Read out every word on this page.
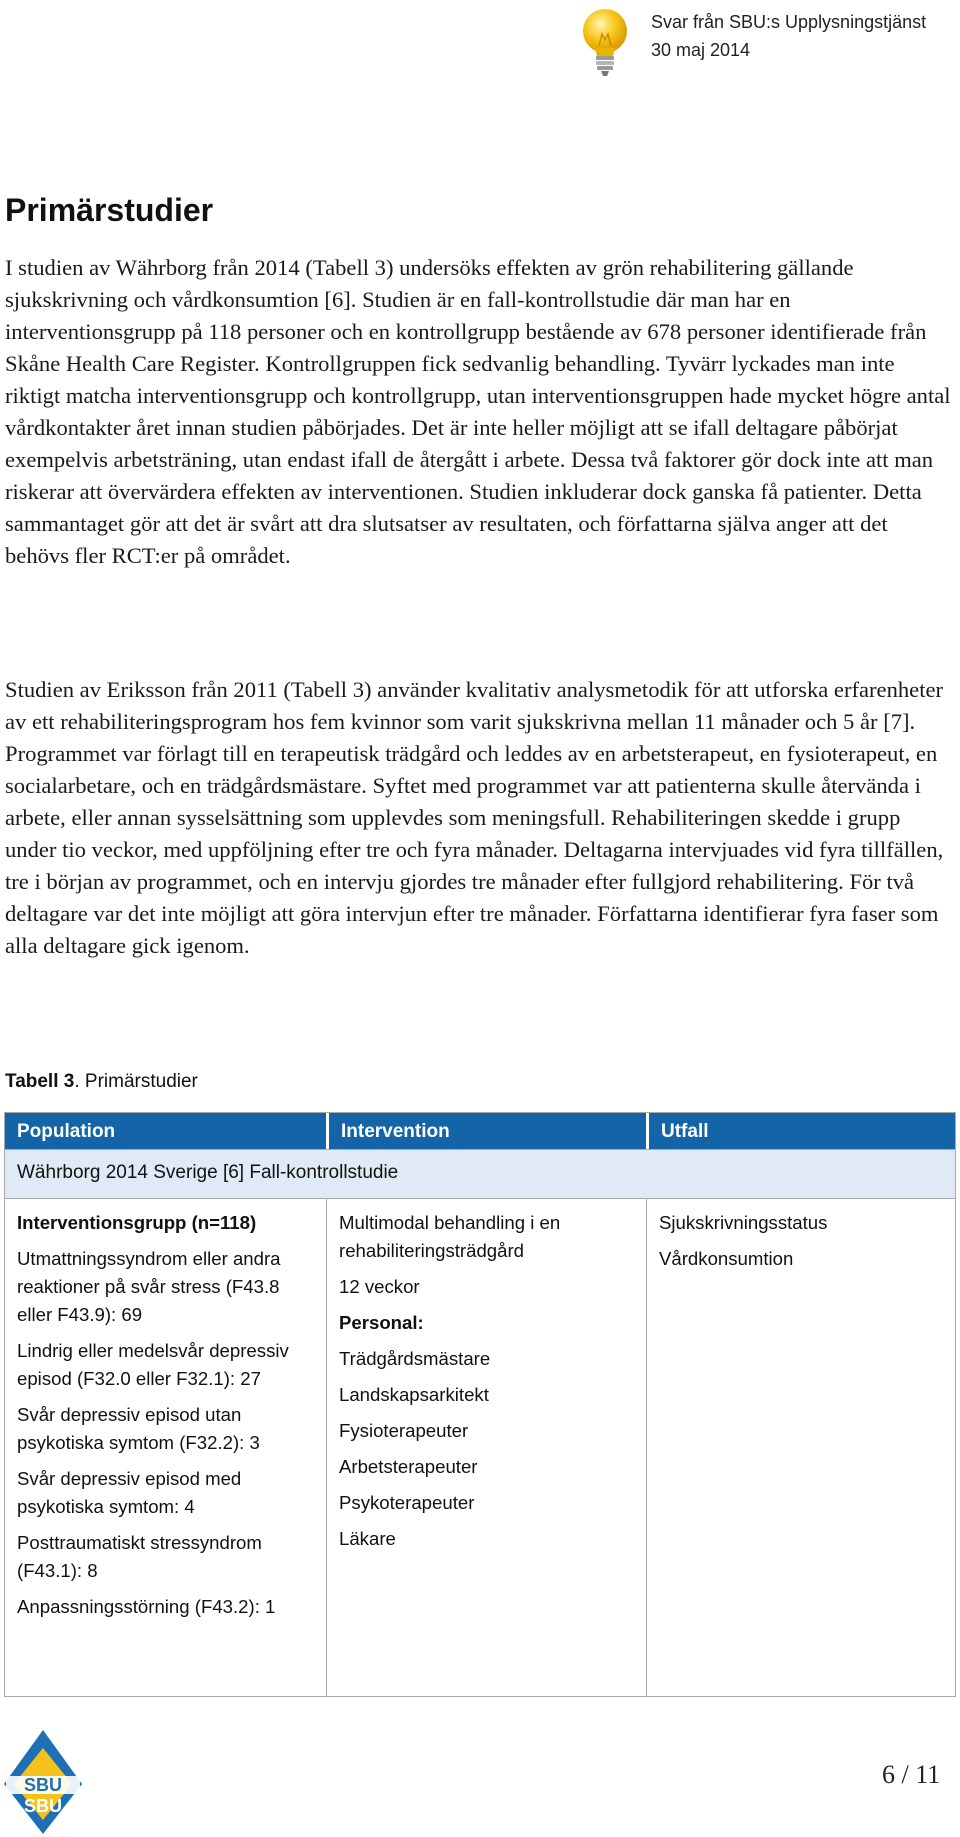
Svar från SBU:s Upplysningstjänst
30 maj 2014
Primärstudier

I studien av Währborg från 2014 (Tabell 3) undersöks effekten av grön rehabilitering gällande sjukskrivning och vårdkonsumtion [6]. Studien är en fall-kontrollstudie där man har en interventionsgrupp på 118 personer och en kontrollgrupp bestående av 678 personer identifierade från Skåne Health Care Register. Kontrollgruppen fick sedvanlig behandling. Tyvärr lyckades man inte riktigt matcha interventionsgrupp och kontrollgrupp, utan interventionsgruppen hade mycket högre antal vårdkontakter året innan studien påbörjades. Det är inte heller möjligt att se ifall deltagare påbörjat exempelvis arbetsträning, utan endast ifall de återgått i arbete. Dessa två faktorer gör dock inte att man riskerar att övervärdera effekten av interventionen. Studien inkluderar dock ganska få patienter. Detta sammantaget gör att det är svårt att dra slutsatser av resultaten, och författarna själva anger att det behövs fler RCT:er på området.

Studien av Eriksson från 2011 (Tabell 3) använder kvalitativ analysmetodik för att utforska erfarenheter av ett rehabiliteringsprogram hos fem kvinnor som varit sjukskrivna mellan 11 månader och 5 år [7]. Programmet var förlagt till en terapeutisk trädgård och leddes av en arbetsterapeut, en fysioterapeut, en socialarbetare, och en trädgårdsmästare. Syftet med programmet var att patienterna skulle återvända i arbete, eller annan sysselsättning som upplevdes som meningsfull. Rehabiliteringen skedde i grupp under tio veckor, med uppföljning efter tre och fyra månader. Deltagarna intervjuades vid fyra tillfällen, tre i början av programmet, och en intervju gjordes tre månader efter fullgjord rehabilitering. För två deltagare var det inte möjligt att göra intervjun efter tre månader. Författarna identifierar fyra faser som alla deltagare gick igenom.

Tabell 3. Primärstudier

Population	Intervention	Utfall
Währborg 2014 Sverige [6] Fall-kontrollstudie

Interventionsgrupp (n=118)

Utmattningssyndrom eller andra reaktioner på svår stress (F43.8 eller F43.9): 69

Lindrig eller medelsvår depressiv episod (F32.0 eller F32.1): 27

Svår depressiv episod utan psykotiska symtom (F32.2): 3

Svår depressiv episod med psykotiska symtom: 4

Posttraumatiskt stressyndrom (F43.1): 8

Anpassningsstörning (F43.2): 1

Multimodal behandling i en rehabiliteringsträdgård

12 veckor

Personal:

Trädgårdsmästare

Landskapsarkitekt

Fysioterapeuter

Arbetsterapeuter

Psykoterapeuter

Läkare

Sjukskrivningsstatus

Vårdkonsumtion

SBU
SBU
6 / 11
